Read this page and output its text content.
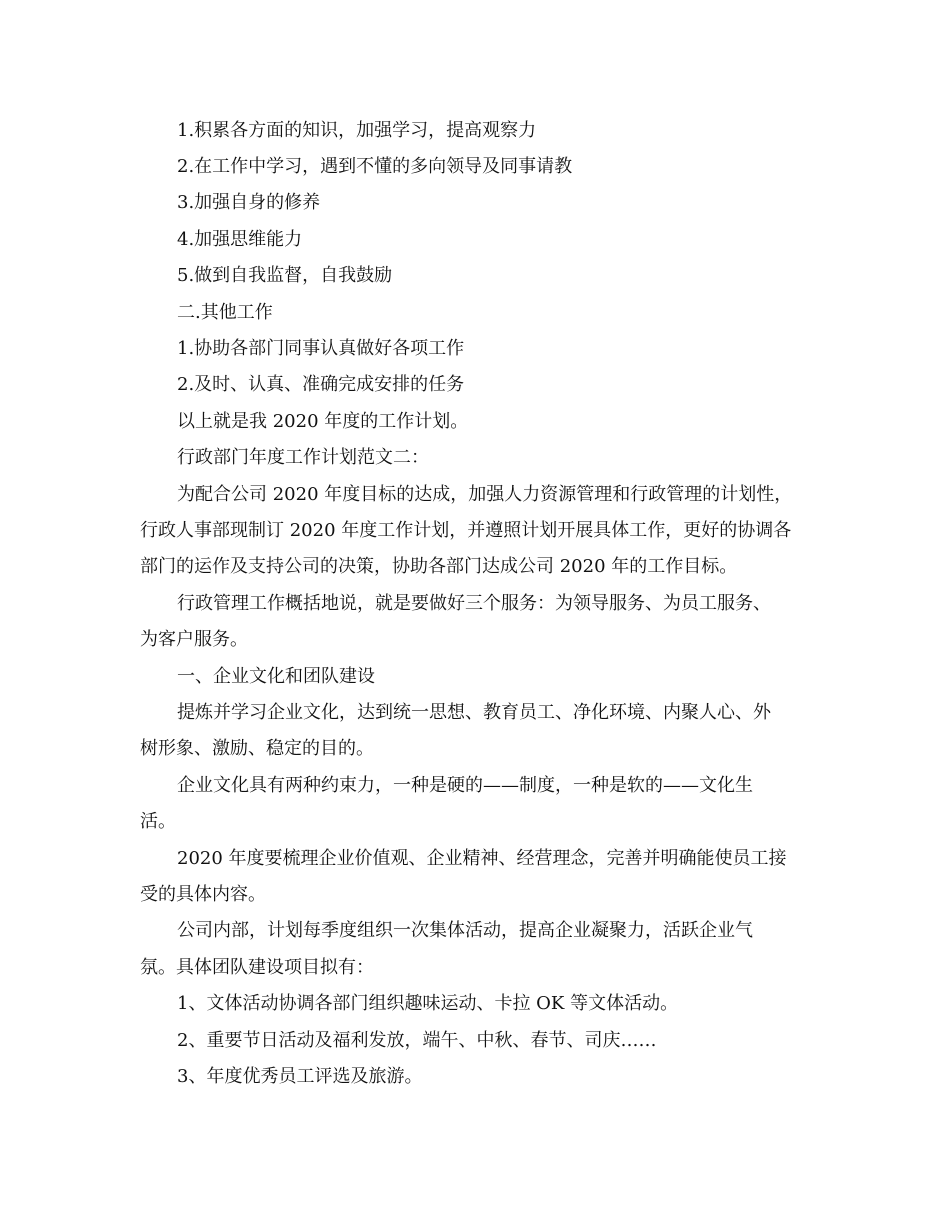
1.积累各方面的知识，加强学习，提高观察力
2.在工作中学习，遇到不懂的多向领导及同事请教
3.加强自身的修养
4.加强思维能力
5.做到自我监督，自我鼓励
二.其他工作
1.协助各部门同事认真做好各项工作
2.及时、认真、准确完成安排的任务
以上就是我 2020 年度的工作计划。
行政部门年度工作计划范文二：
为配合公司 2020 年度目标的达成，加强人力资源管理和行政管理的计划性，
行政人事部现制订 2020 年度工作计划，并遵照计划开展具体工作，更好的协调各
部门的运作及支持公司的决策，协助各部门达成公司 2020 年的工作目标。
行政管理工作概括地说，就是要做好三个服务：为领导服务、为员工服务、
为客户服务。
一、企业文化和团队建设
提炼并学习企业文化，达到统一思想、教育员工、净化环境、内聚人心、外
树形象、激励、稳定的目的。
企业文化具有两种约束力，一种是硬的——制度，一种是软的——文化生
活。
2020 年度要梳理企业价值观、企业精神、经营理念，完善并明确能使员工接
受的具体内容。
公司内部，计划每季度组织一次集体活动，提高企业凝聚力，活跃企业气
氛。具体团队建设项目拟有：
1、文体活动协调各部门组织趣味运动、卡拉 OK 等文体活动。
2、重要节日活动及福利发放，端午、中秋、春节、司庆……
3、年度优秀员工评选及旅游。
